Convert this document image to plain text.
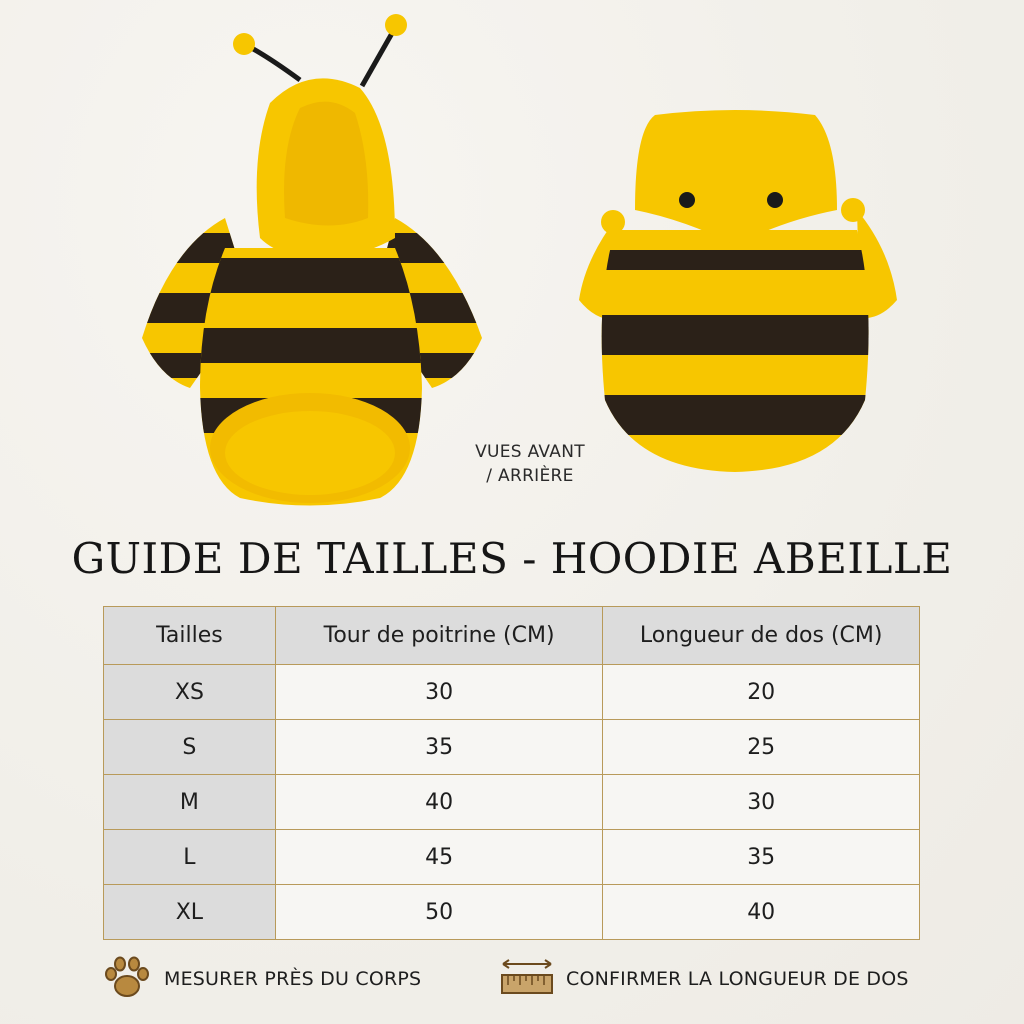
VUES AVANT
/ ARRIÈRE
GUIDE DE TAILLES - HOODIE ABEILLE
Tailles	Tour de poitrine (CM)	Longueur de dos (CM)
XS	30	20
S	35	25
M	40	30
L	45	35
XL	50	40
MESURER PRÈS DU CORPS	CONFIRMER LA LONGUEUR DE DOS
